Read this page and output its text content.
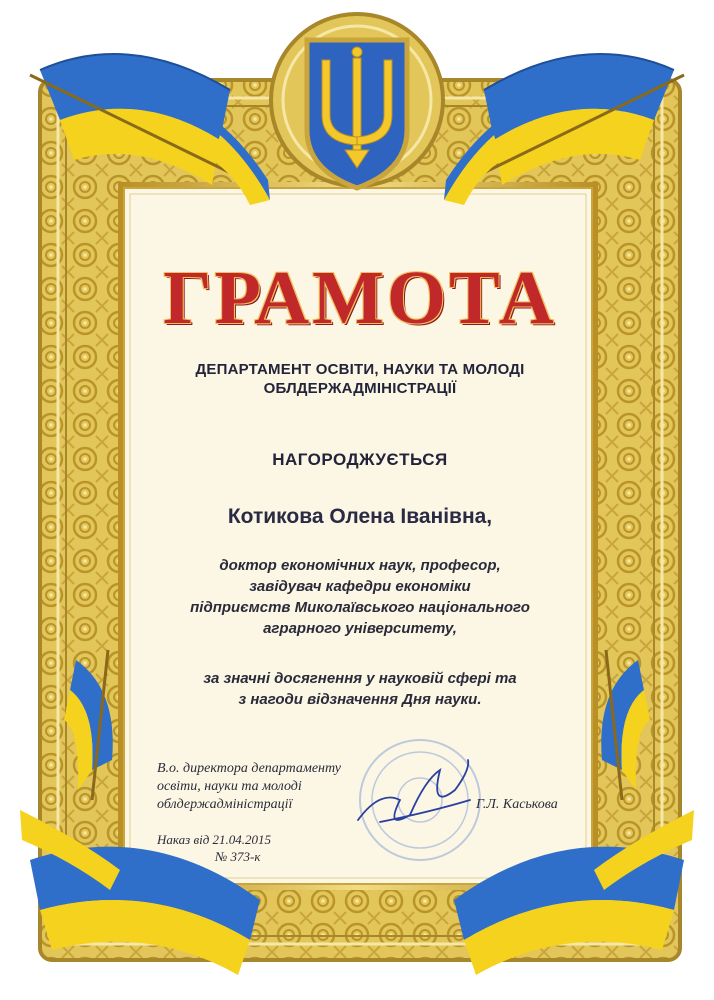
ГРАМОТА
ДЕПАРТАМЕНТ ОСВІТИ, НАУКИ ТА МОЛОДІ
ОБЛДЕРЖАДМІНІСТРАЦІЇ
НАГОРОДЖУЄТЬСЯ
Котикова Олена Іванівна,
доктор економічних наук, професор,
завідувач кафедри економіки
підприємств Миколаївського національного
аграрного університету,
за значні досягнення у науковій сфері та
з нагоди відзначення Дня науки.
В.о. директора департаменту
освіти, науки та молоді
облдержадміністрації	Г.Л. Каськова
Наказ від 21.04.2015
№ 373-к
